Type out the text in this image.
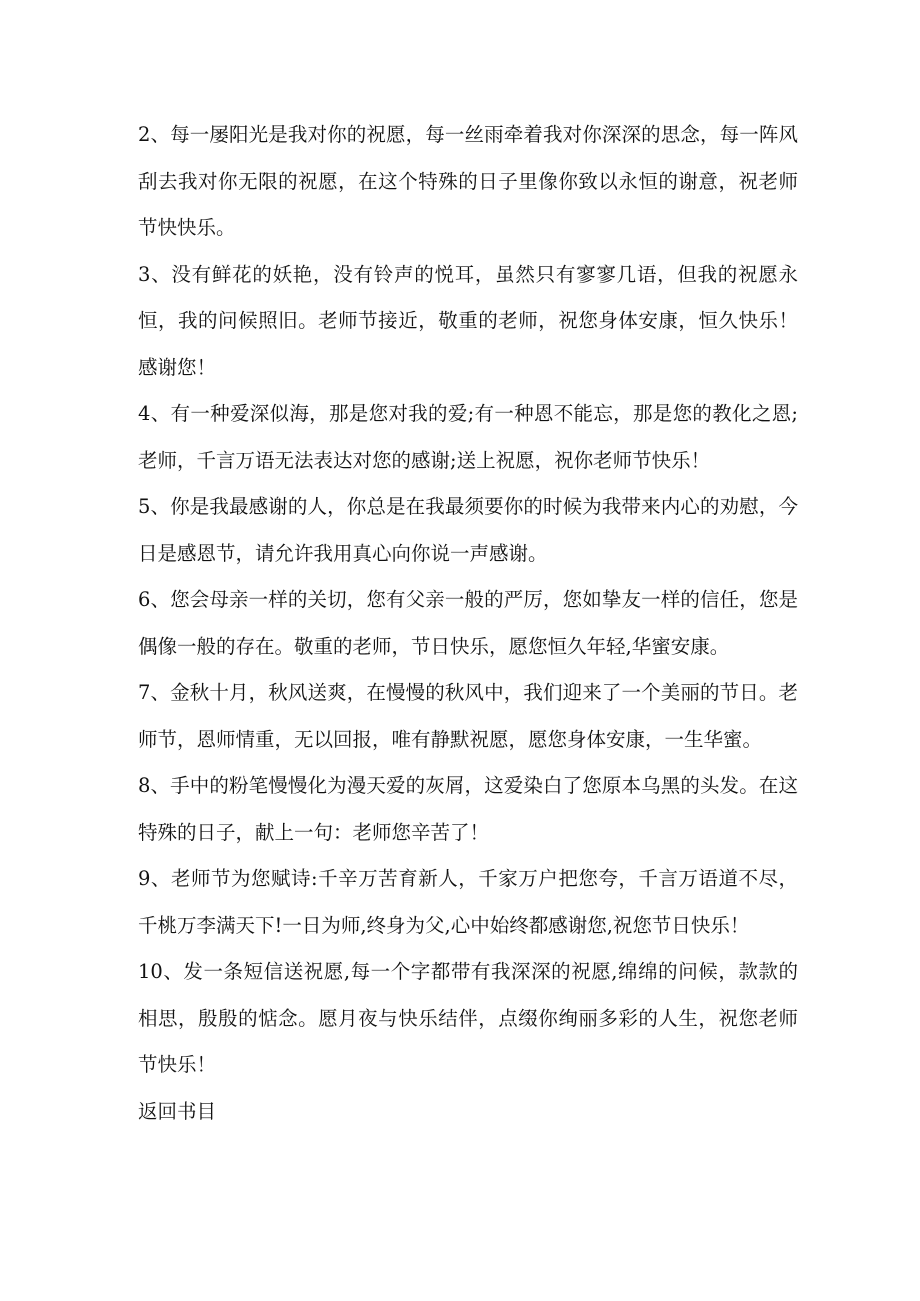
2、每一屡阳光是我对你的祝愿，每一丝雨牵着我对你深深的思念，每一阵风刮去我对你无限的祝愿，在这个特殊的日子里像你致以永恒的谢意，祝老师节快快乐。

3、没有鲜花的妖艳，没有铃声的悦耳，虽然只有寥寥几语，但我的祝愿永恒，我的问候照旧。老师节接近，敬重的老师，祝您身体安康，恒久快乐！感谢您！

4、有一种爱深似海，那是您对我的爱;有一种恩不能忘，那是您的教化之恩;老师，千言万语无法表达对您的感谢;送上祝愿，祝你老师节快乐！

5、你是我最感谢的人，你总是在我最须要你的时候为我带来内心的劝慰，今日是感恩节，请允许我用真心向你说一声感谢。

6、您会母亲一样的关切，您有父亲一般的严厉，您如挚友一样的信任，您是偶像一般的存在。敬重的老师，节日快乐，愿您恒久年轻,华蜜安康。

7、金秋十月，秋风送爽，在慢慢的秋风中，我们迎来了一个美丽的节日。老师节，恩师情重，无以回报，唯有静默祝愿，愿您身体安康，一生华蜜。

8、手中的粉笔慢慢化为漫天爱的灰屑，这爱染白了您原本乌黑的头发。在这特殊的日子，献上一句：老师您辛苦了！

9、老师节为您赋诗:千辛万苦育新人，千家万户把您夸，千言万语道不尽，千桃万李满天下!一日为师,终身为父,心中始终都感谢您,祝您节日快乐！

10、发一条短信送祝愿,每一个字都带有我深深的祝愿,绵绵的问候，款款的相思，殷殷的惦念。愿月夜与快乐结伴，点缀你绚丽多彩的人生，祝您老师节快乐！

返回书目
